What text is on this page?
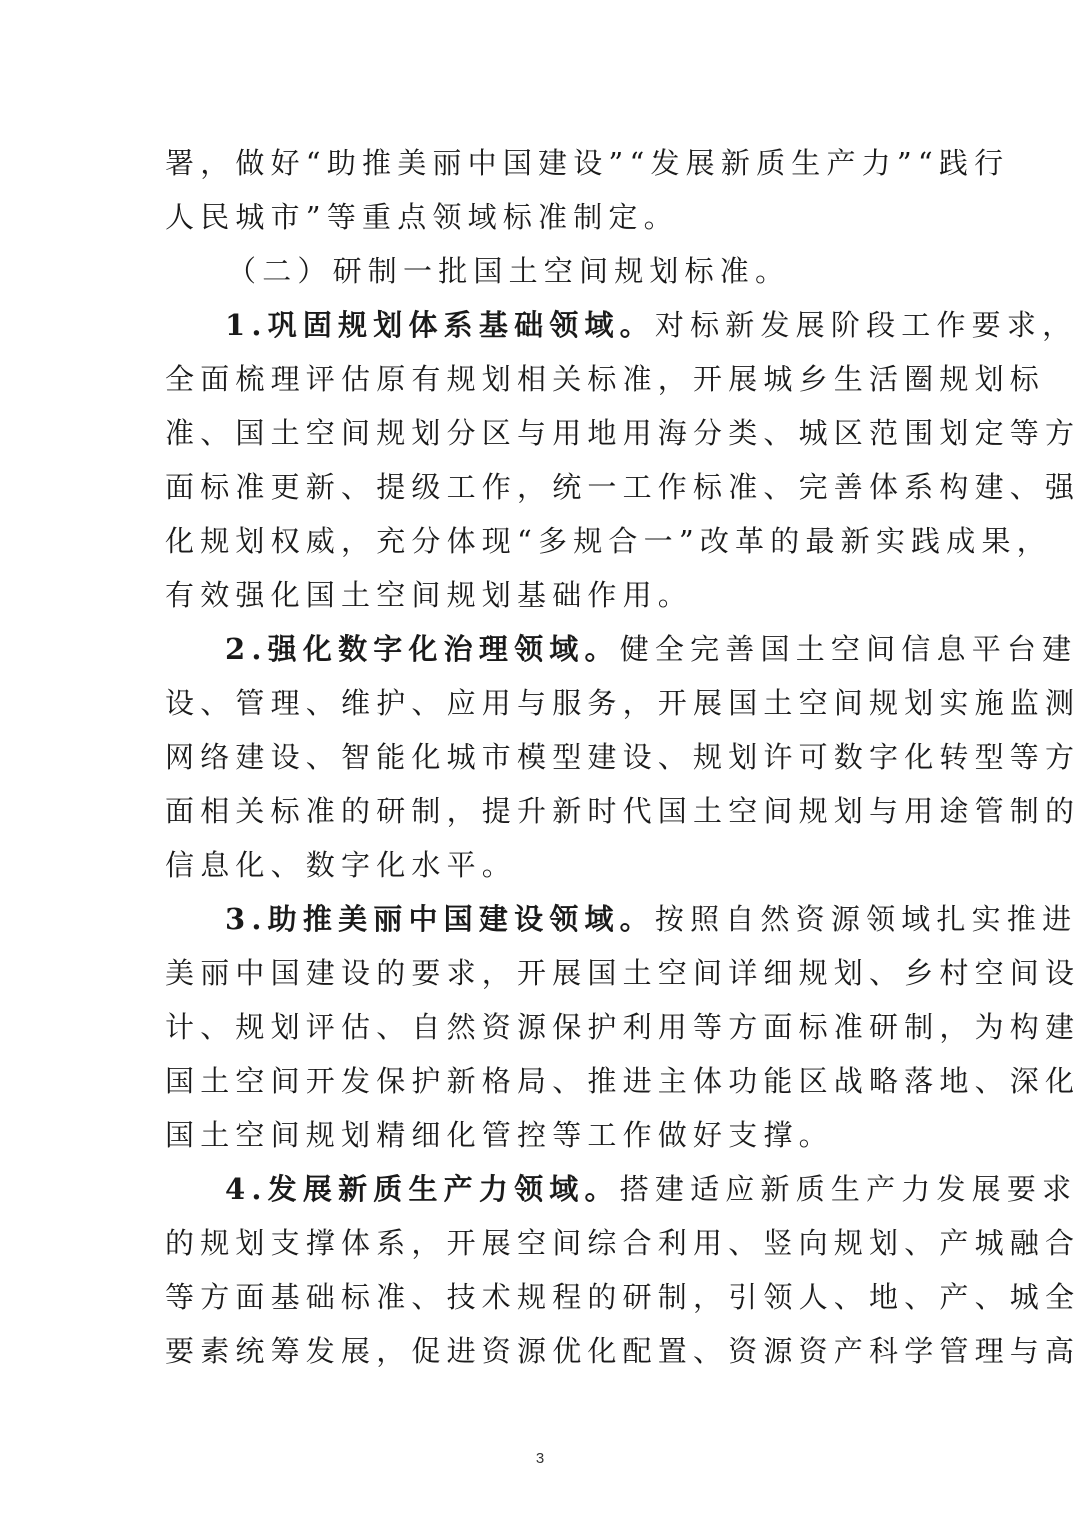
署，做好“助推美丽中国建设”“发展新质生产力”“践行
人民城市”等重点领域标准制定。
（二）研制一批国土空间规划标准。
1.巩固规划体系基础领域。对标新发展阶段工作要求，
全面梳理评估原有规划相关标准，开展城乡生活圈规划标
准、国土空间规划分区与用地用海分类、城区范围划定等方
面标准更新、提级工作，统一工作标准、完善体系构建、强
化规划权威，充分体现“多规合一”改革的最新实践成果，
有效强化国土空间规划基础作用。
2.强化数字化治理领域。健全完善国土空间信息平台建
设、管理、维护、应用与服务，开展国土空间规划实施监测
网络建设、智能化城市模型建设、规划许可数字化转型等方
面相关标准的研制，提升新时代国土空间规划与用途管制的
信息化、数字化水平。
3.助推美丽中国建设领域。按照自然资源领域扎实推进
美丽中国建设的要求，开展国土空间详细规划、乡村空间设
计、规划评估、自然资源保护利用等方面标准研制，为构建
国土空间开发保护新格局、推进主体功能区战略落地、深化
国土空间规划精细化管控等工作做好支撑。
4.发展新质生产力领域。搭建适应新质生产力发展要求
的规划支撑体系，开展空间综合利用、竖向规划、产城融合
等方面基础标准、技术规程的研制，引领人、地、产、城全
要素统筹发展，促进资源优化配置、资源资产科学管理与高
3
